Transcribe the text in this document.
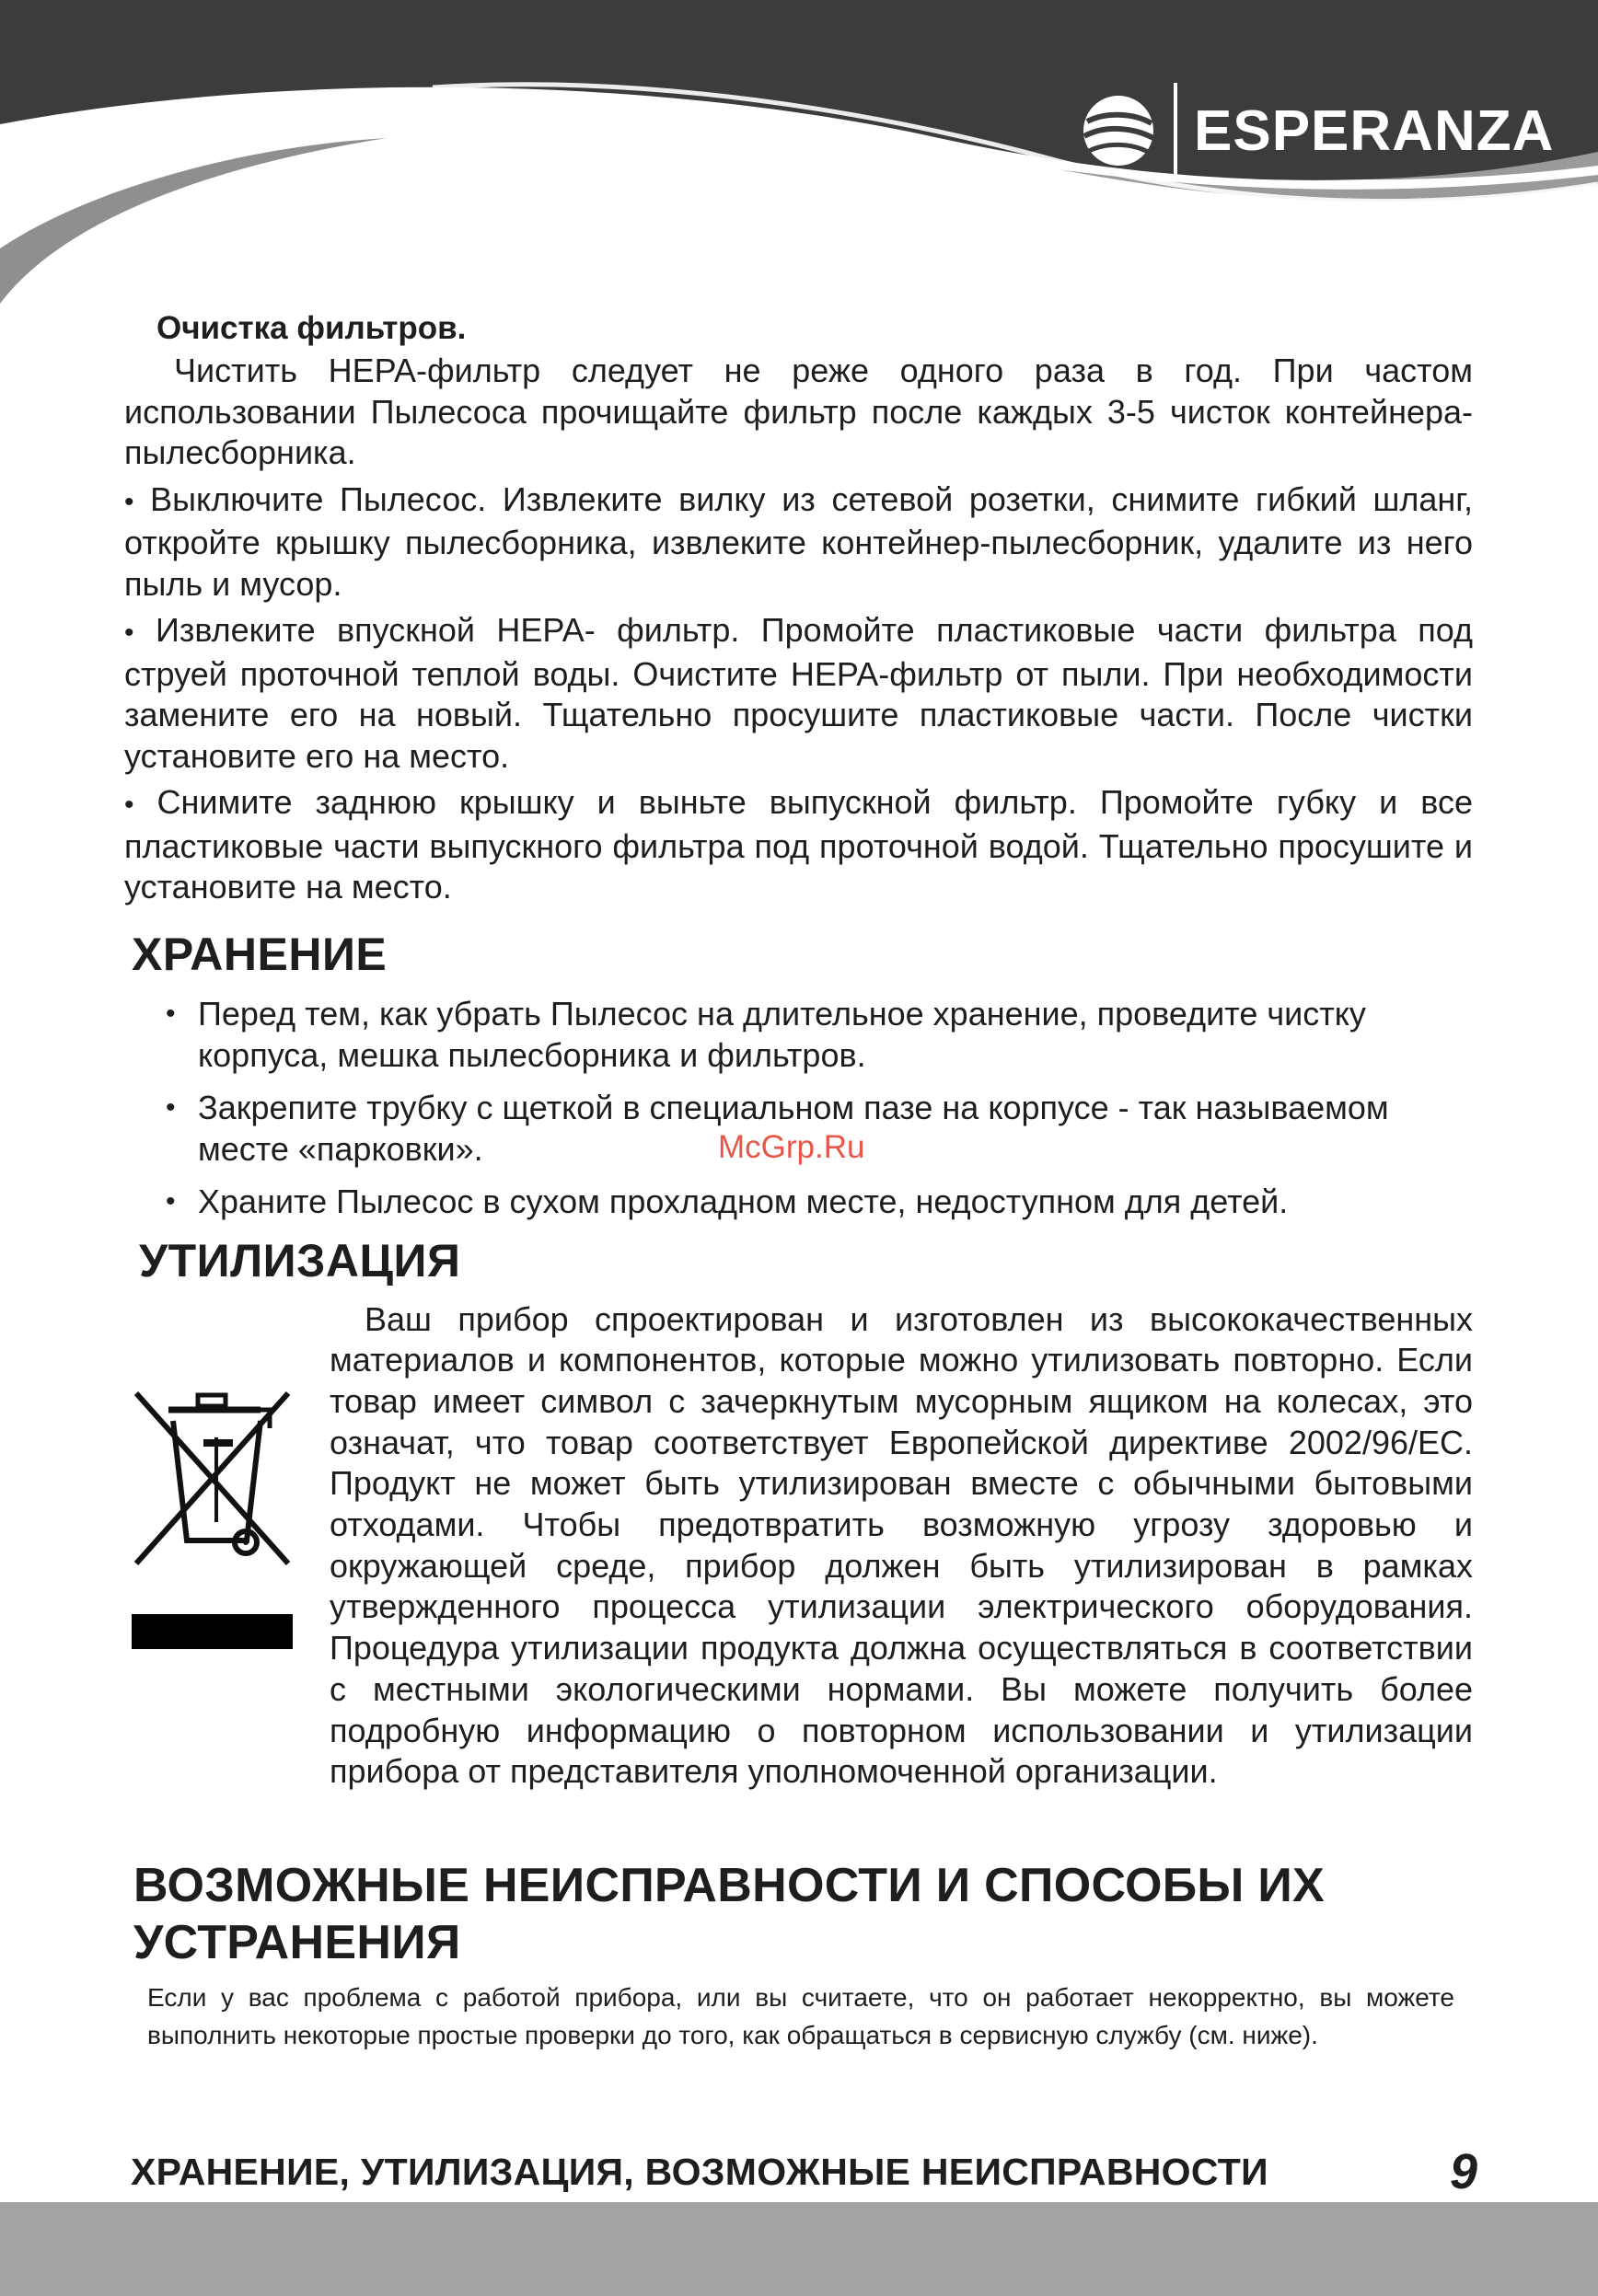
ESPERANZA
Очистка фильтров.

Чистить HEPA-фильтр следует не реже одного раза в год. При частом использовании Пылесоса прочищайте фильтр после каждых 3-5 чисток контейнера-пылесборника.

• Выключите Пылесос. Извлеките вилку из сетевой розетки, снимите гибкий шланг, откройте крышку пылесборника, извлеките контейнер-пылесборник, удалите из него пыль и мусор.

• Извлеките впускной HEPA- фильтр. Промойте пластиковые части фильтра под струей проточной теплой воды. Очистите HEPA-фильтр от пыли. При необходимости замените его на новый. Тщательно просушите пластиковые части. После чистки установите его на место.

• Снимите заднюю крышку и выньте выпускной фильтр. Промойте губку и все пластиковые части выпускного фильтра под проточной водой. Тщательно просушите и установите на место.

ХРАНЕНИЕ
• Перед тем, как убрать Пылесос на длительное хранение, проведите чистку корпуса, мешка пылесборника и фильтров.
• Закрепите трубку с щеткой в специальном пазе на корпусе - так называемом месте «парковки».
• Храните Пылесос в сухом прохладном месте, недоступном для детей.
УТИЛИЗАЦИЯ

Ваш прибор спроектирован и изготовлен из высококачественных материалов и компонентов, которые можно утилизовать повторно. Если товар имеет символ с зачеркнутым мусорным ящиком на колесах, это означат, что товар соответствует Европейской директиве 2002/96/EC. Продукт не может быть утилизирован вместе с обычными бытовыми отходами. Чтобы предотвратить возможную угрозу здоровью и окружающей среде, прибор должен быть утилизирован в рамках утвержденного процесса утилизации электрического оборудования. Процедура утилизации продукта должна осуществляться в соответствии с местными экологическими нормами. Вы можете получить более подробную информацию о повторном использовании и утилизации прибора от представителя уполномоченной организации.

ВОЗМОЖНЫЕ НЕИСПРАВНОСТИ И СПОСОБЫ ИХ УСТРАНЕНИЯ

Если у вас проблема с работой прибора, или вы считаете, что он работает некорректно, вы можете выполнить некоторые простые проверки до того, как обращаться в сервисную службу (см. ниже).

McGrp.Ru
ХРАНЕНИЕ, УТИЛИЗАЦИЯ, ВОЗМОЖНЫЕ НЕИСПРАВНОСТИ	9
